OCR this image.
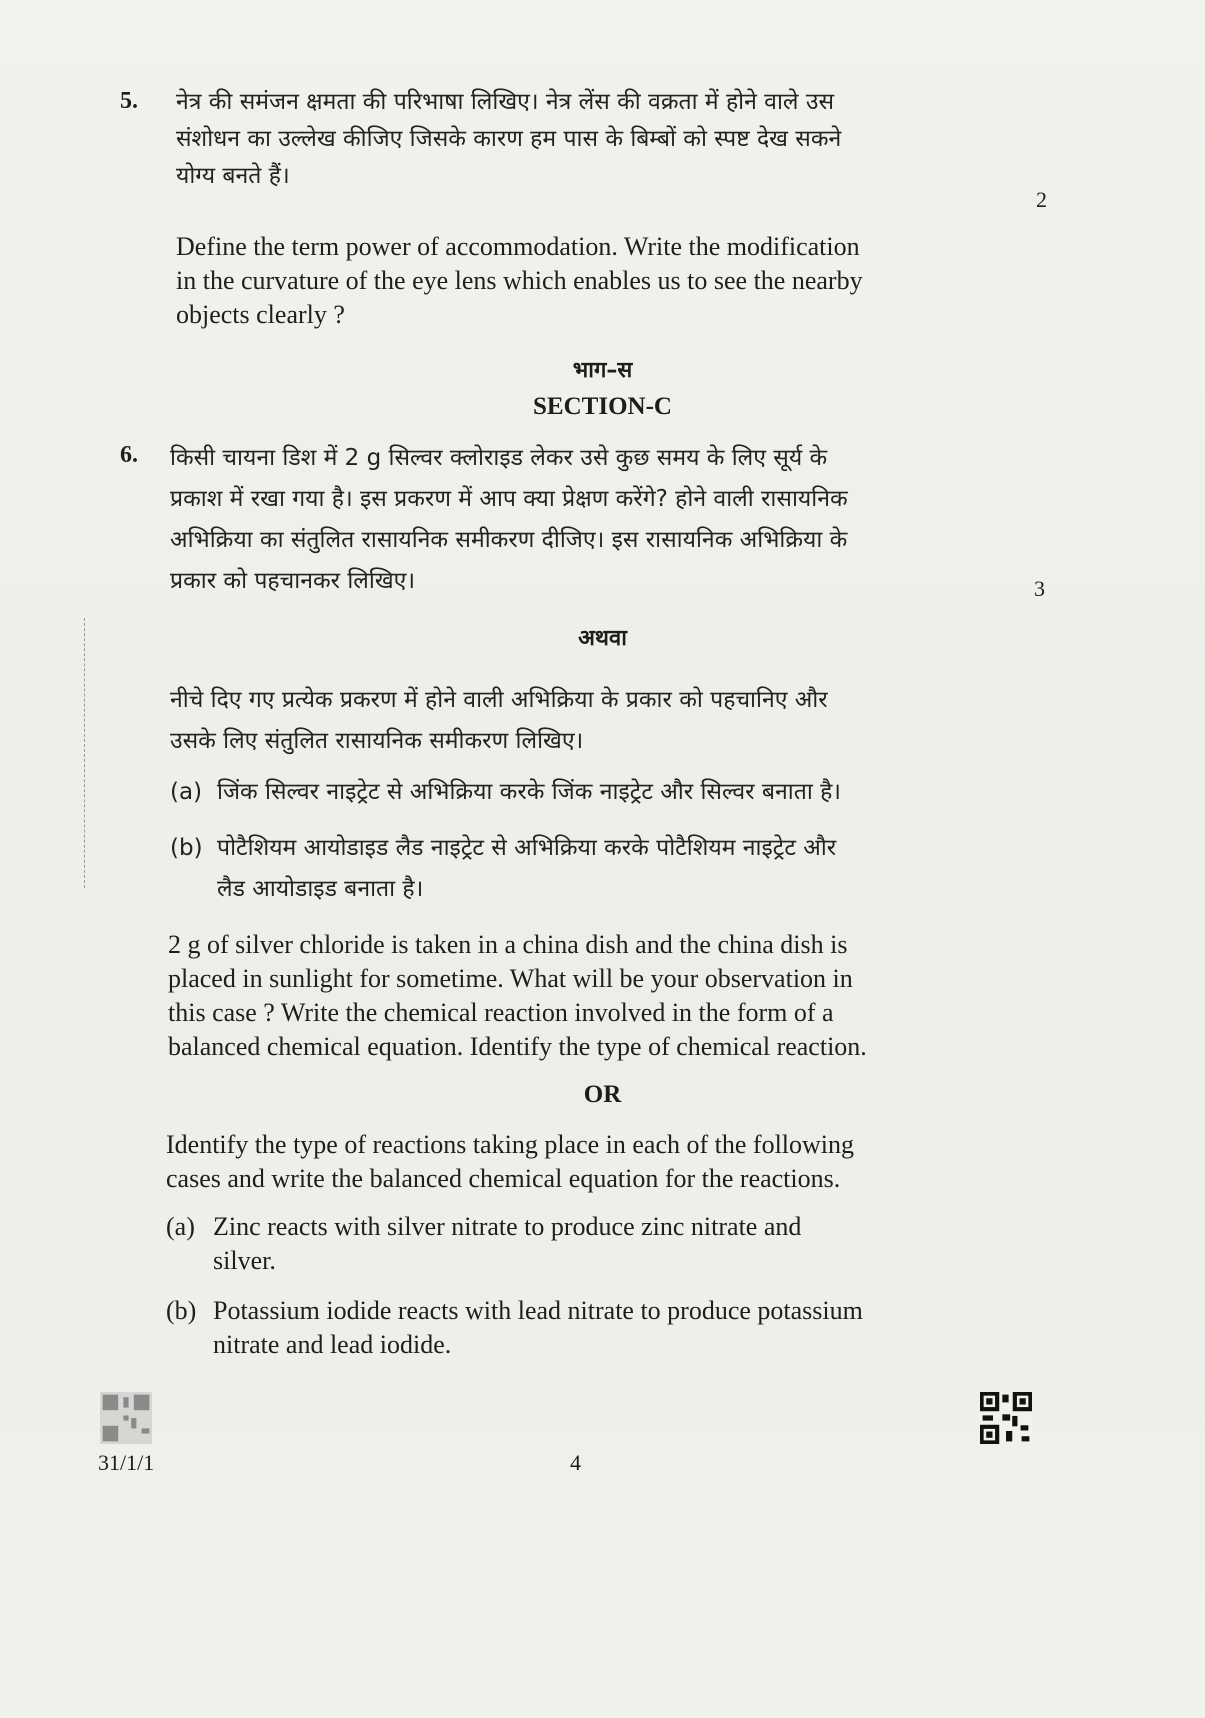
5. नेत्र की समंजन क्षमता की परिभाषा लिखिए। नेत्र लेंस की वक्रता में होने वाले उस
संशोधन का उल्लेख कीजिए जिसके कारण हम पास के बिम्बों को स्पष्ट देख सकने
योग्य बनते हैं।
2
Define the term power of accommodation. Write the modification
in the curvature of the eye lens which enables us to see the nearby
objects clearly ?
भाग–स
SECTION-C
6. किसी चायना डिश में 2 g सिल्वर क्लोराइड लेकर उसे कुछ समय के लिए सूर्य के
प्रकाश में रखा गया है। इस प्रकरण में आप क्या प्रेक्षण करेंगे? होने वाली रासायनिक
अभिक्रिया का संतुलित रासायनिक समीकरण दीजिए। इस रासायनिक अभिक्रिया के
प्रकार को पहचानकर लिखिए।	3
अथवा
नीचे दिए गए प्रत्येक प्रकरण में होने वाली अभिक्रिया के प्रकार को पहचानिए और
उसके लिए संतुलित रासायनिक समीकरण लिखिए।
(a) जिंक सिल्वर नाइट्रेट से अभिक्रिया करके जिंक नाइट्रेट और सिल्वर बनाता है।
(b) पोटैशियम आयोडाइड लैड नाइट्रेट से अभिक्रिया करके पोटैशियम नाइट्रेट और
लैड आयोडाइड बनाता है।
2 g of silver chloride is taken in a china dish and the china dish is
placed in sunlight for sometime. What will be your observation in
this case ? Write the chemical reaction involved in the form of a
balanced chemical equation. Identify the type of chemical reaction.
OR
Identify the type of reactions taking place in each of the following
cases and write the balanced chemical equation for the reactions.
(a) Zinc reacts with silver nitrate to produce zinc nitrate and
silver.
(b) Potassium iodide reacts with lead nitrate to produce potassium
nitrate and lead iodide.
31/1/1	4
